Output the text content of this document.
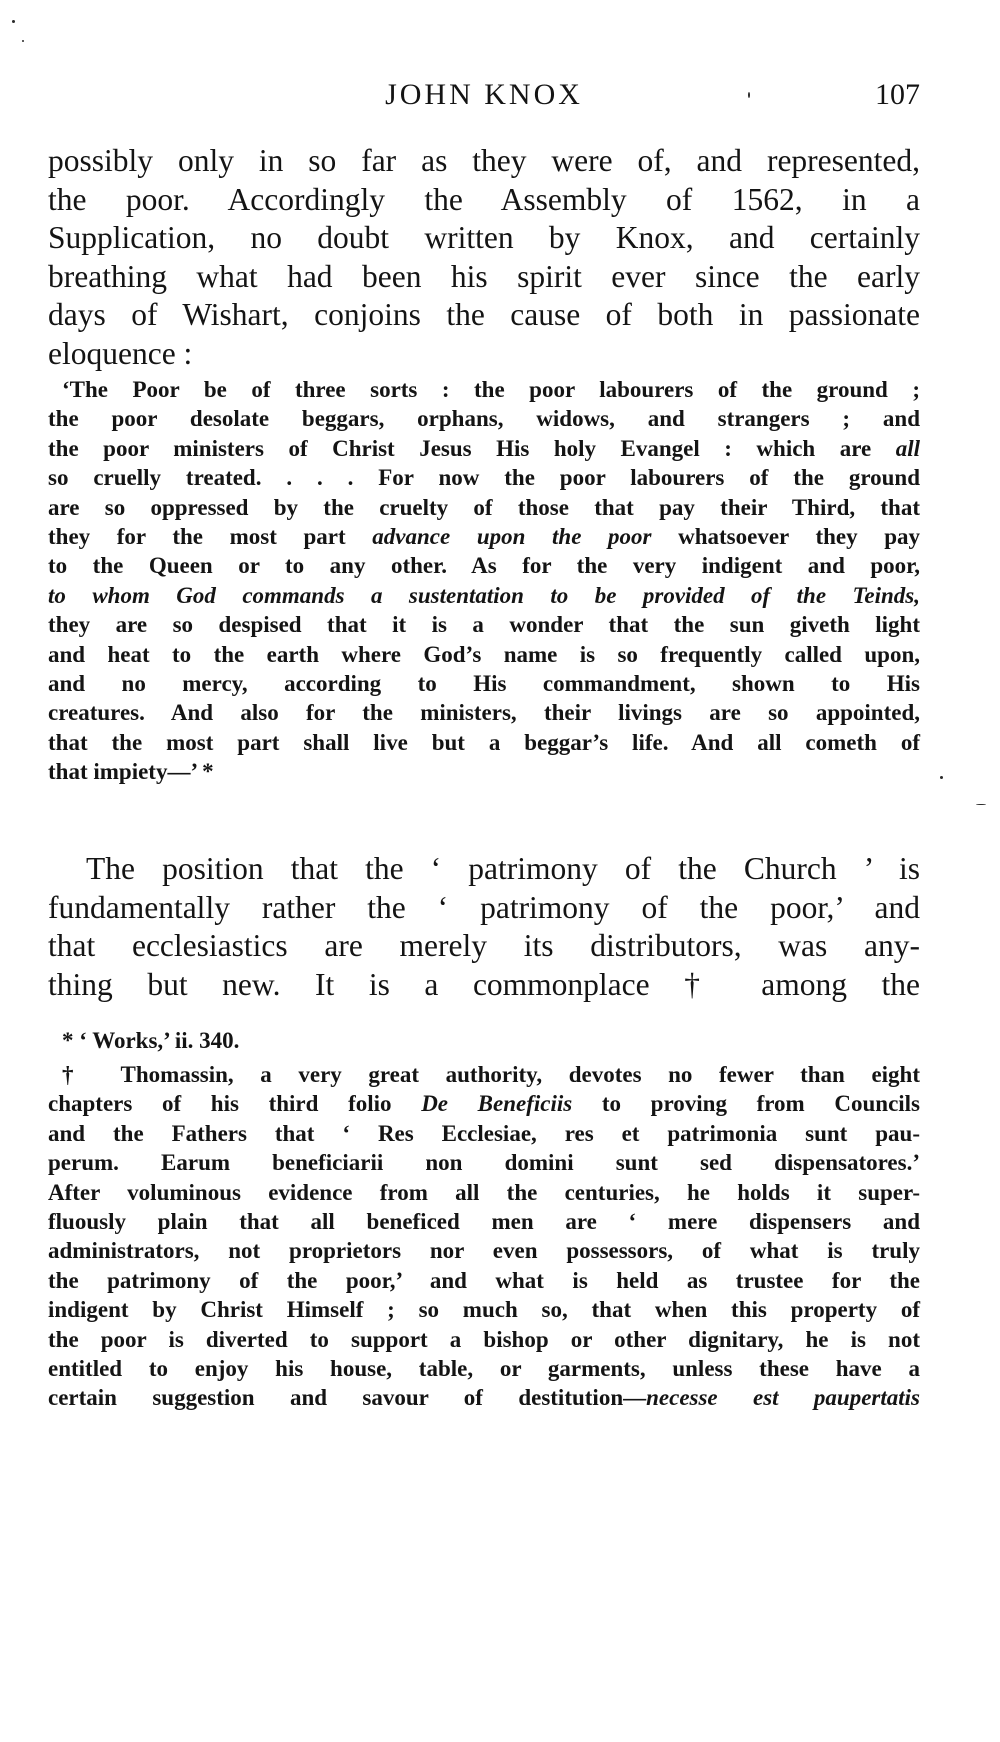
JOHN KNOX	107

possibly only in so far as they were of, and represented,
the poor. Accordingly the Assembly of 1562, in a
Supplication, no doubt written by Knox, and certainly
breathing what had been his spirit ever since the early
days of Wishart, conjoins the cause of both in passionate
eloquence :

‘The Poor be of three sorts : the poor labourers of the ground ;
the poor desolate beggars, orphans, widows, and strangers ; and
the poor ministers of Christ Jesus His holy Evangel : which are all
so cruelly treated. . . . For now the poor labourers of the ground
are so oppressed by the cruelty of those that pay their Third, that
they for the most part advance upon the poor whatsoever they pay
to the Queen or to any other. As for the very indigent and poor,
to whom God commands a sustentation to be provided of the Teinds,
they are so despised that it is a wonder that the sun giveth light
and heat to the earth where God’s name is so frequently called upon,
and no mercy, according to His commandment, shown to His
creatures. And also for the ministers, their livings are so appointed,
that the most part shall live but a beggar’s life. And all cometh of
that impiety—’ *

The position that the ‘ patrimony of the Church ’ is
fundamentally rather the ‘ patrimony of the poor,’ and
that ecclesiastics are merely its distributors, was any-
thing but new. It is a commonplace † among the

* ‘ Works,’ ii. 340.
† Thomassin, a very great authority, devotes no fewer than eight
chapters of his third folio De Beneficiis to proving from Councils
and the Fathers that ‘ Res Ecclesiae, res et patrimonia sunt pau-
perum. Earum beneficiarii non domini sunt sed dispensatores.’
After voluminous evidence from all the centuries, he holds it super-
fluously plain that all beneficed men are ‘ mere dispensers and
administrators, not proprietors nor even possessors, of what is truly
the patrimony of the poor,’ and what is held as trustee for the
indigent by Christ Himself ; so much so, that when this property of
the poor is diverted to support a bishop or other dignitary, he is not
entitled to enjoy his house, table, or garments, unless these have a
certain suggestion and savour of destitution—necesse est paupertatis
